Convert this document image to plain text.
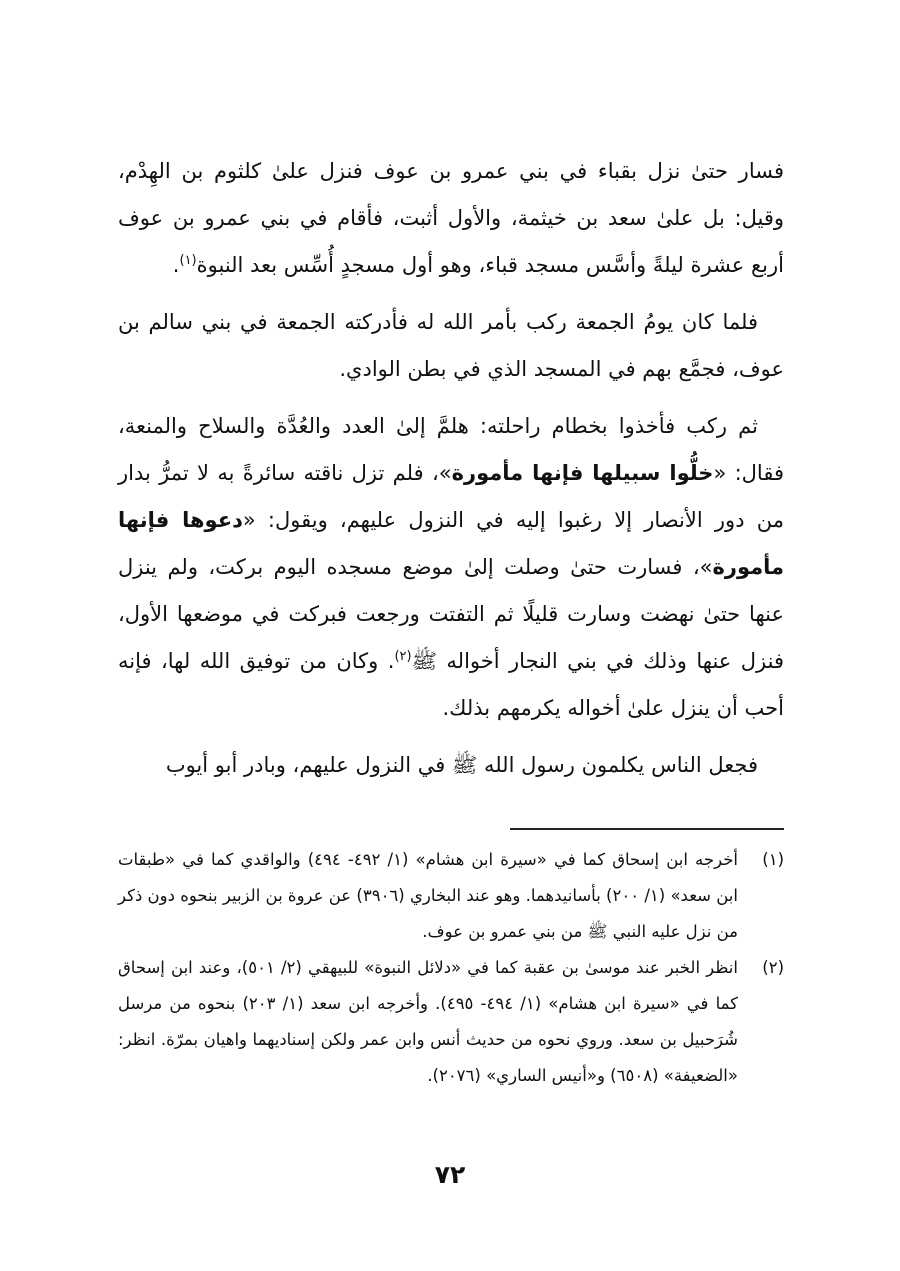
فسار حتىٰ نزل بقباء في بني عمرو بن عوف فنزل علىٰ كلثوم بن الهِدْم، وقيل: بل علىٰ سعد بن خيثمة، والأول أثبت، فأقام في بني عمرو بن عوف أربع عشرة ليلةً وأسَّس مسجد قباء، وهو أول مسجدٍ أُسِّس بعد النبوة$^{(١)}$.

فلما كان يومُ الجمعة ركب بأمر الله له فأدركته الجمعة في بني سالم بن عوف، فجمَّع بهم في المسجد الذي في بطن الوادي.

ثم ركب فأخذوا بخطام راحلته: هلمَّ إلىٰ العدد والعُدَّة والسلاح والمنعة، فقال: «خلُّوا سبيلها فإنها مأمورة»، فلم تزل ناقته سائرةً به لا تمرُّ بدار من دور الأنصار إلا رغبوا إليه في النزول عليهم، ويقول: «دعوها فإنها مأمورة»، فسارت حتىٰ وصلت إلىٰ موضع مسجده اليوم بركت، ولم ينزل عنها حتىٰ نهضت وسارت قليلًا ثم التفتت ورجعت فبركت في موضعها الأول، فنزل عنها وذلك في بني النجار أخواله ﷺ$^{(٢)}$. وكان من توفيق الله لها، فإنه أحب أن ينزل علىٰ أخواله يكرمهم بذلك.

فجعل الناس يكلمون رسول الله ﷺ في النزول عليهم، وبادر أبو أيوب

(١)
أخرجه ابن إسحاق كما في «سيرة ابن هشام» (١/ ٤٩٢- ٤٩٤) والواقدي كما في «طبقات ابن سعد» (١/ ٢٠٠) بأسانيدهما. وهو عند البخاري (٣٩٠٦) عن عروة بن الزبير بنحوه دون ذكر من نزل عليه النبي ﷺ من بني عمرو بن عوف.
(٢)
انظر الخبر عند موسىٰ بن عقبة كما في «دلائل النبوة» للبيهقي (٢/ ٥٠١)، وعند ابن إسحاق كما في «سيرة ابن هشام» (١/ ٤٩٤- ٤٩٥). وأخرجه ابن سعد (١/ ٢٠٣) بنحوه من مرسل شُرَحبيل بن سعد. وروي نحوه من حديث أنس وابن عمر ولكن إسناديهما واهيان بمرّة. انظر: «الضعيفة» (٦٥٠٨) و«أنيس الساري» (٢٠٧٦).
٧٢
